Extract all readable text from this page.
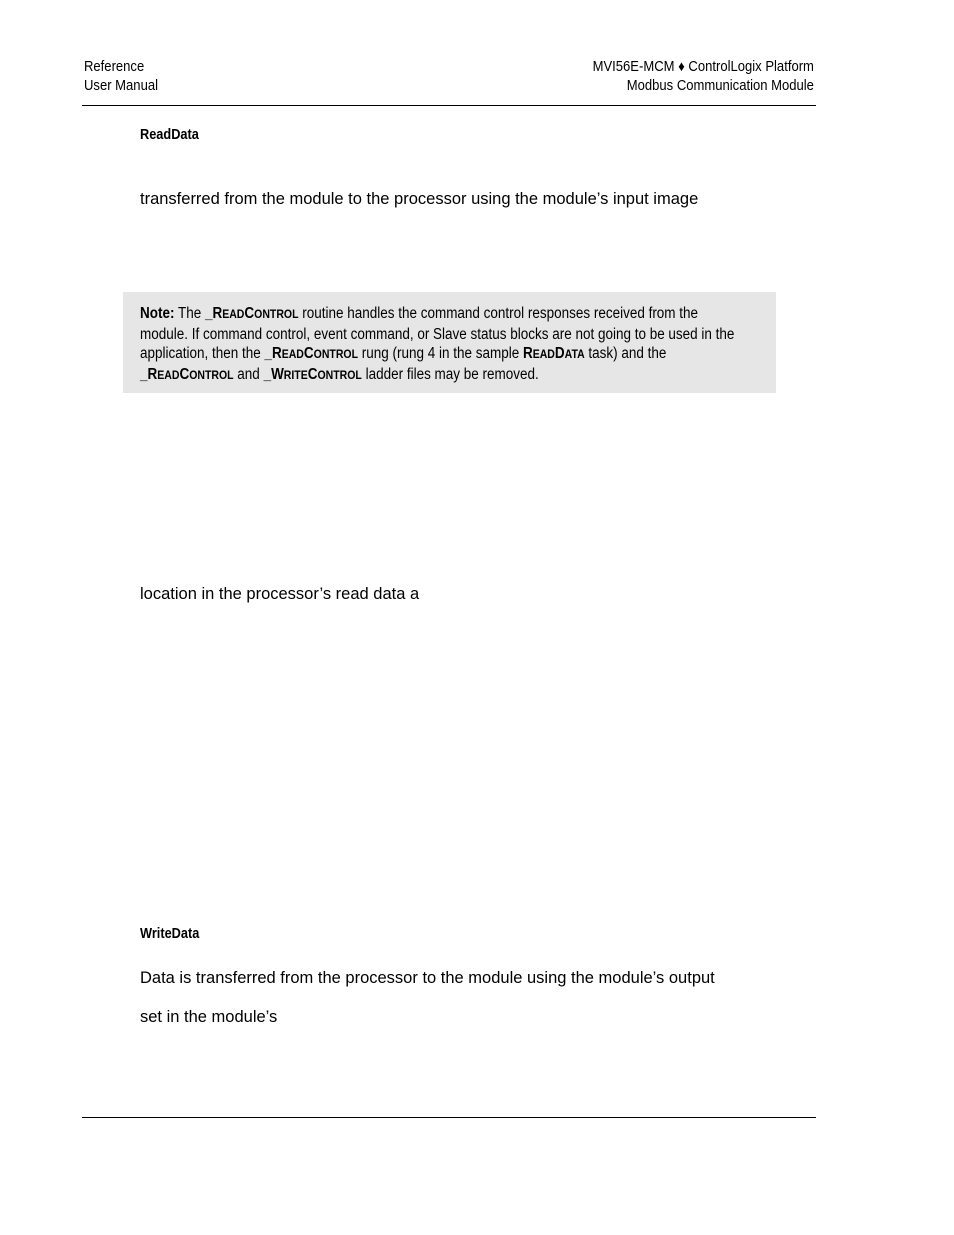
Reference
User Manual
MVI56E-MCM ♦ ControlLogix Platform
Modbus Communication Module
ReadData
transferred from the module to the processor using the module’s input image
Note: The _READCONTROL routine handles the command control responses received from the module. If command control, event command, or Slave status blocks are not going to be used in the application, then the _READCONTROL rung (rung 4 in the sample READDATA task) and the _READCONTROL and _WRITECONTROL ladder files may be removed.
location in the processor’s read data a
WriteData
Data is transferred from the processor to the module using the module’s output
set in the module’s
